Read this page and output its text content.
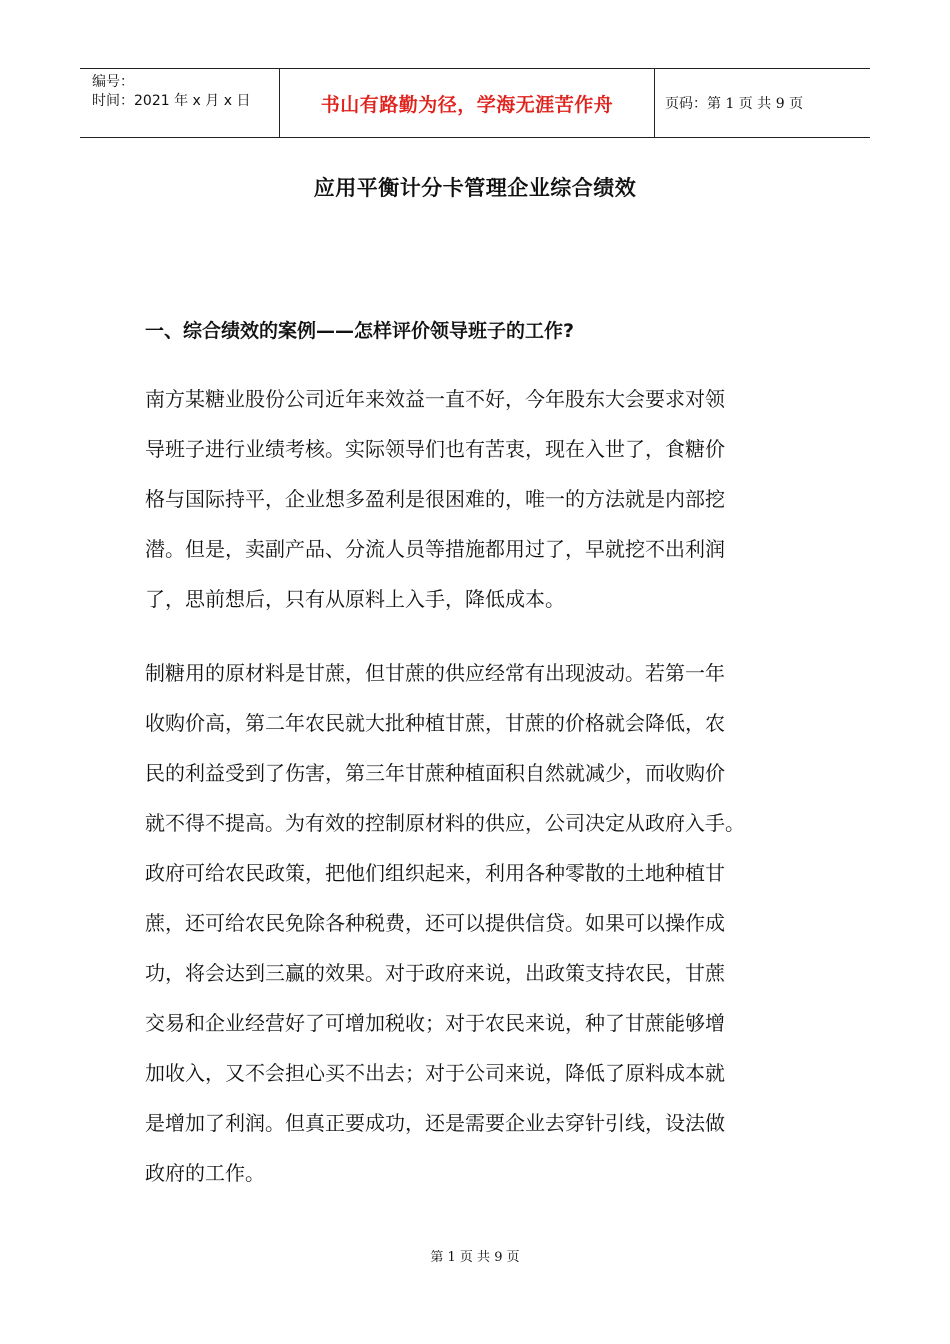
编号：
时间：2021 年 x 月 x 日	书山有路勤为径，学海无涯苦作舟	页码：第 1 页 共 9 页
应用平衡计分卡管理企业综合绩效
一、综合绩效的案例——怎样评价领导班子的工作?
南方某糖业股份公司近年来效益一直不好，今年股东大会要求对领
导班子进行业绩考核。实际领导们也有苦衷，现在入世了，食糖价
格与国际持平，企业想多盈利是很困难的，唯一的方法就是内部挖
潜。但是，卖副产品、分流人员等措施都用过了，早就挖不出利润
了，思前想后，只有从原料上入手，降低成本。
制糖用的原材料是甘蔗，但甘蔗的供应经常有出现波动。若第一年
收购价高，第二年农民就大批种植甘蔗，甘蔗的价格就会降低，农
民的利益受到了伤害，第三年甘蔗种植面积自然就减少，而收购价
就不得不提高。为有效的控制原材料的供应，公司决定从政府入手。
政府可给农民政策，把他们组织起来，利用各种零散的土地种植甘
蔗，还可给农民免除各种税费，还可以提供信贷。如果可以操作成
功，将会达到三赢的效果。对于政府来说，出政策支持农民，甘蔗
交易和企业经营好了可增加税收；对于农民来说，种了甘蔗能够增
加收入，又不会担心买不出去；对于公司来说，降低了原料成本就
是增加了利润。但真正要成功，还是需要企业去穿针引线，设法做
政府的工作。
第 1 页 共 9 页
